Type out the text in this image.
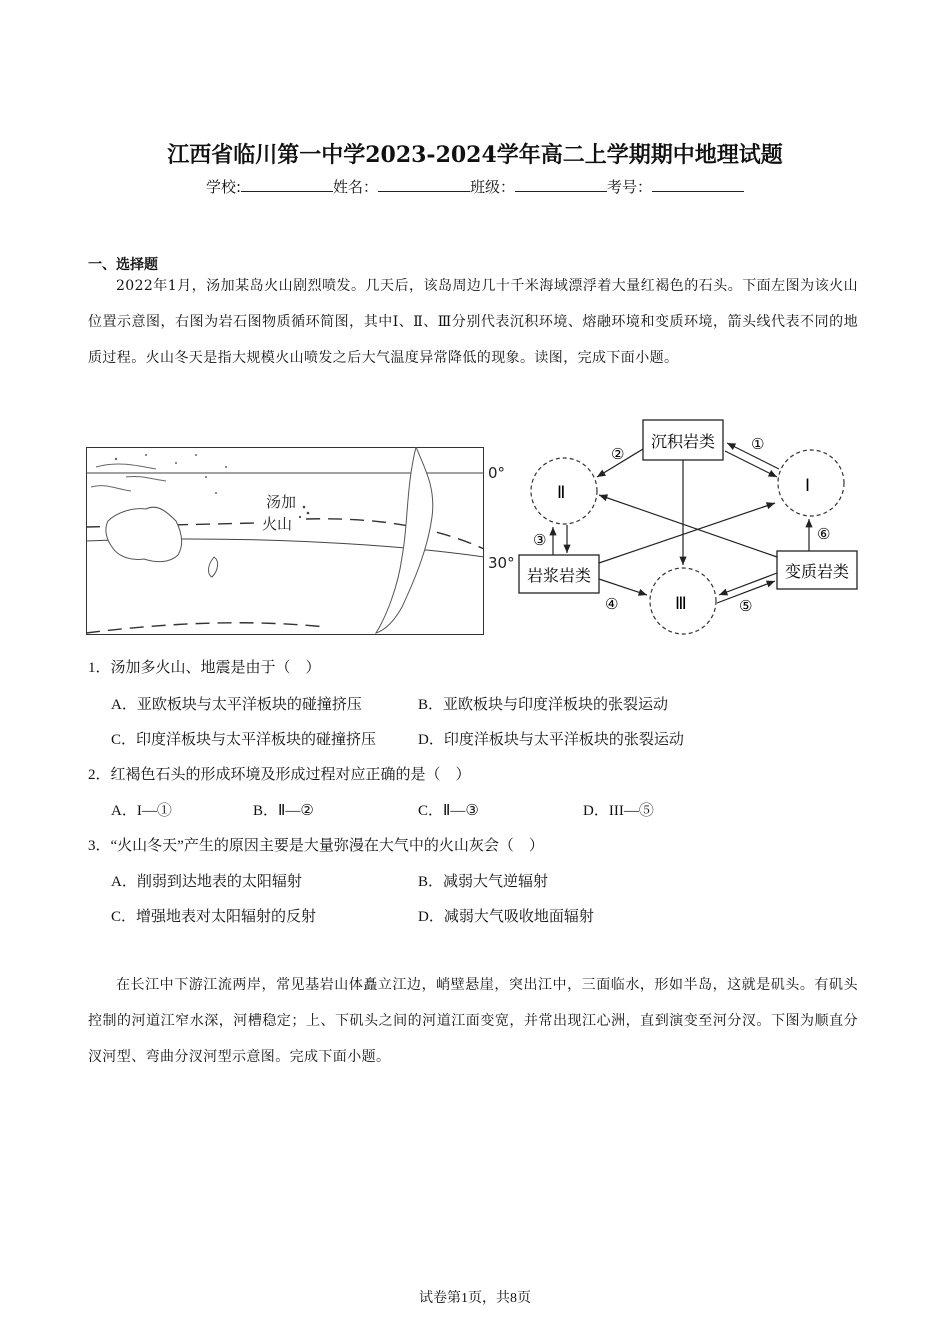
江西省临川第一中学2023-2024学年高二上学期期中地理试题
学校:	姓名：	班级：	考号：
一、选择题
2022年1月，汤加某岛火山剧烈喷发。几天后，该岛周边几十千米海域漂浮着大量红褐色的石头。下面左图为该火山位置示意图，右图为岩石图物质循环简图，其中Ⅰ、Ⅱ、Ⅲ分别代表沉积环境、熔融环境和变质环境，箭头线代表不同的地质过程。火山冬天是指大规模火山喷发之后大气温度异常降低的现象。读图，完成下面小题。
汤加
火山
0°
30°
Ⅱ	Ⅰ
Ⅲ
沉积岩类
岩浆岩类	变质岩类
②
①
③
④	⑤
⑥
1．汤加多火山、地震是由于（　）
A．亚欧板块与太平洋板块的碰撞挤压	B．亚欧板块与印度洋板块的张裂运动
C．印度洋板块与太平洋板块的碰撞挤压	D．印度洋板块与太平洋板块的张裂运动
2．红褐色石头的形成环境及形成过程对应正确的是（　）
A．I—①	B．Ⅱ—②	C．Ⅱ—③	D．III—⑤
3．“火山冬天”产生的原因主要是大量弥漫在大气中的火山灰会（　）
A．削弱到达地表的太阳辐射	B．减弱大气逆辐射
C．增强地表对太阳辐射的反射	D．减弱大气吸收地面辐射
在长江中下游江流两岸，常见基岩山体矗立江边，峭壁悬崖，突出江中，三面临水，形如半岛，这就是矶头。有矶头控制的河道江窄水深，河槽稳定；上、下矶头之间的河道江面变宽，并常出现江心洲，直到演变至河分汊。下图为顺直分汊河型、弯曲分汊河型示意图。完成下面小题。
试卷第1页，共8页
